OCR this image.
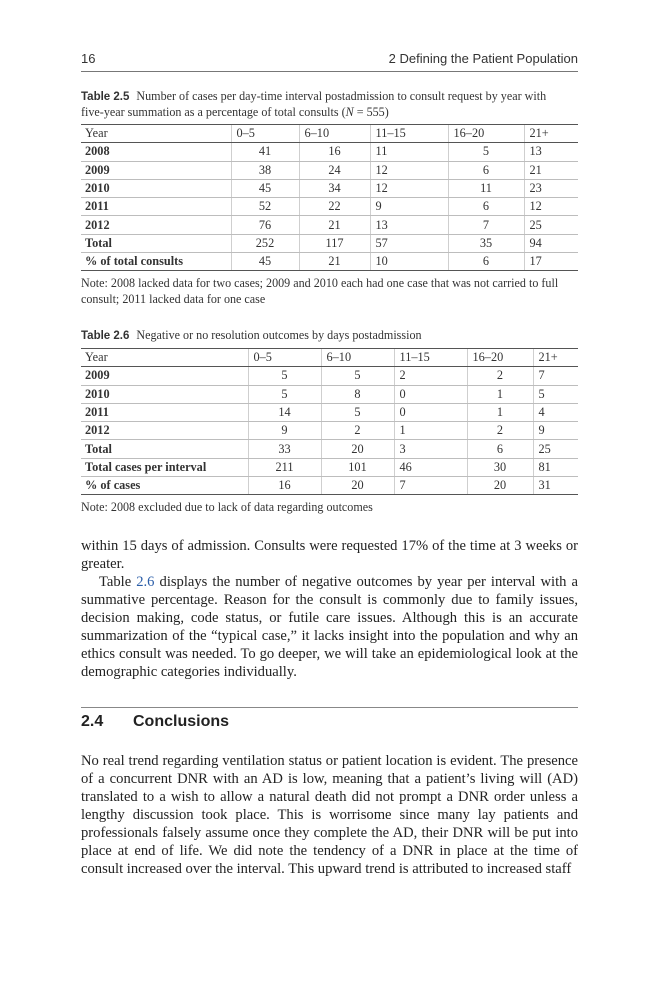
16	2 Defining the Patient Population
Table 2.5 Number of cases per day-time interval postadmission to consult request by year with
five-year summation as a percentage of total consults (N = 555)
Year	0–5	6–10	11–15	16–20	21+
2008	41	16	11	5	13
2009	38	24	12	6	21
2010	45	34	12	11	23
2011	52	22	9	6	12
2012	76	21	13	7	25
Total	252	117	57	35	94
% of total consults	45	21	10	6	17
Note: 2008 lacked data for two cases; 2009 and 2010 each had one case that was not carried to full
consult; 2011 lacked data for one case
Table 2.6 Negative or no resolution outcomes by days postadmission
Year	0–5	6–10	11–15	16–20	21+
2009	5	5	2	2	7
2010	5	8	0	1	5
2011	14	5	0	1	4
2012	9	2	1	2	9
Total	33	20	3	6	25
Total cases per interval	211	101	46	30	81
% of cases	16	20	7	20	31
Note: 2008 excluded due to lack of data regarding outcomes
within 15 days of admission. Consults were requested 17% of the time at 3 weeks or greater.
Table 2.6 displays the number of negative outcomes by year per interval with a summative percentage. Reason for the consult is commonly due to family issues, decision making, code status, or futile care issues. Although this is an accurate summarization of the “typical case,” it lacks insight into the population and why an ethics consult was needed. To go deeper, we will take an epidemiological look at the demographic categories individually.
2.4 Conclusions
No real trend regarding ventilation status or patient location is evident. The presence of a concurrent DNR with an AD is low, meaning that a patient’s living will (AD) translated to a wish to allow a natural death did not prompt a DNR order unless a lengthy discussion took place. This is worrisome since many lay patients and professionals falsely assume once they complete the AD, their DNR will be put into place at end of life. We did note the tendency of a DNR in place at the time of consult increased over the interval. This upward trend is attributed to increased staff
